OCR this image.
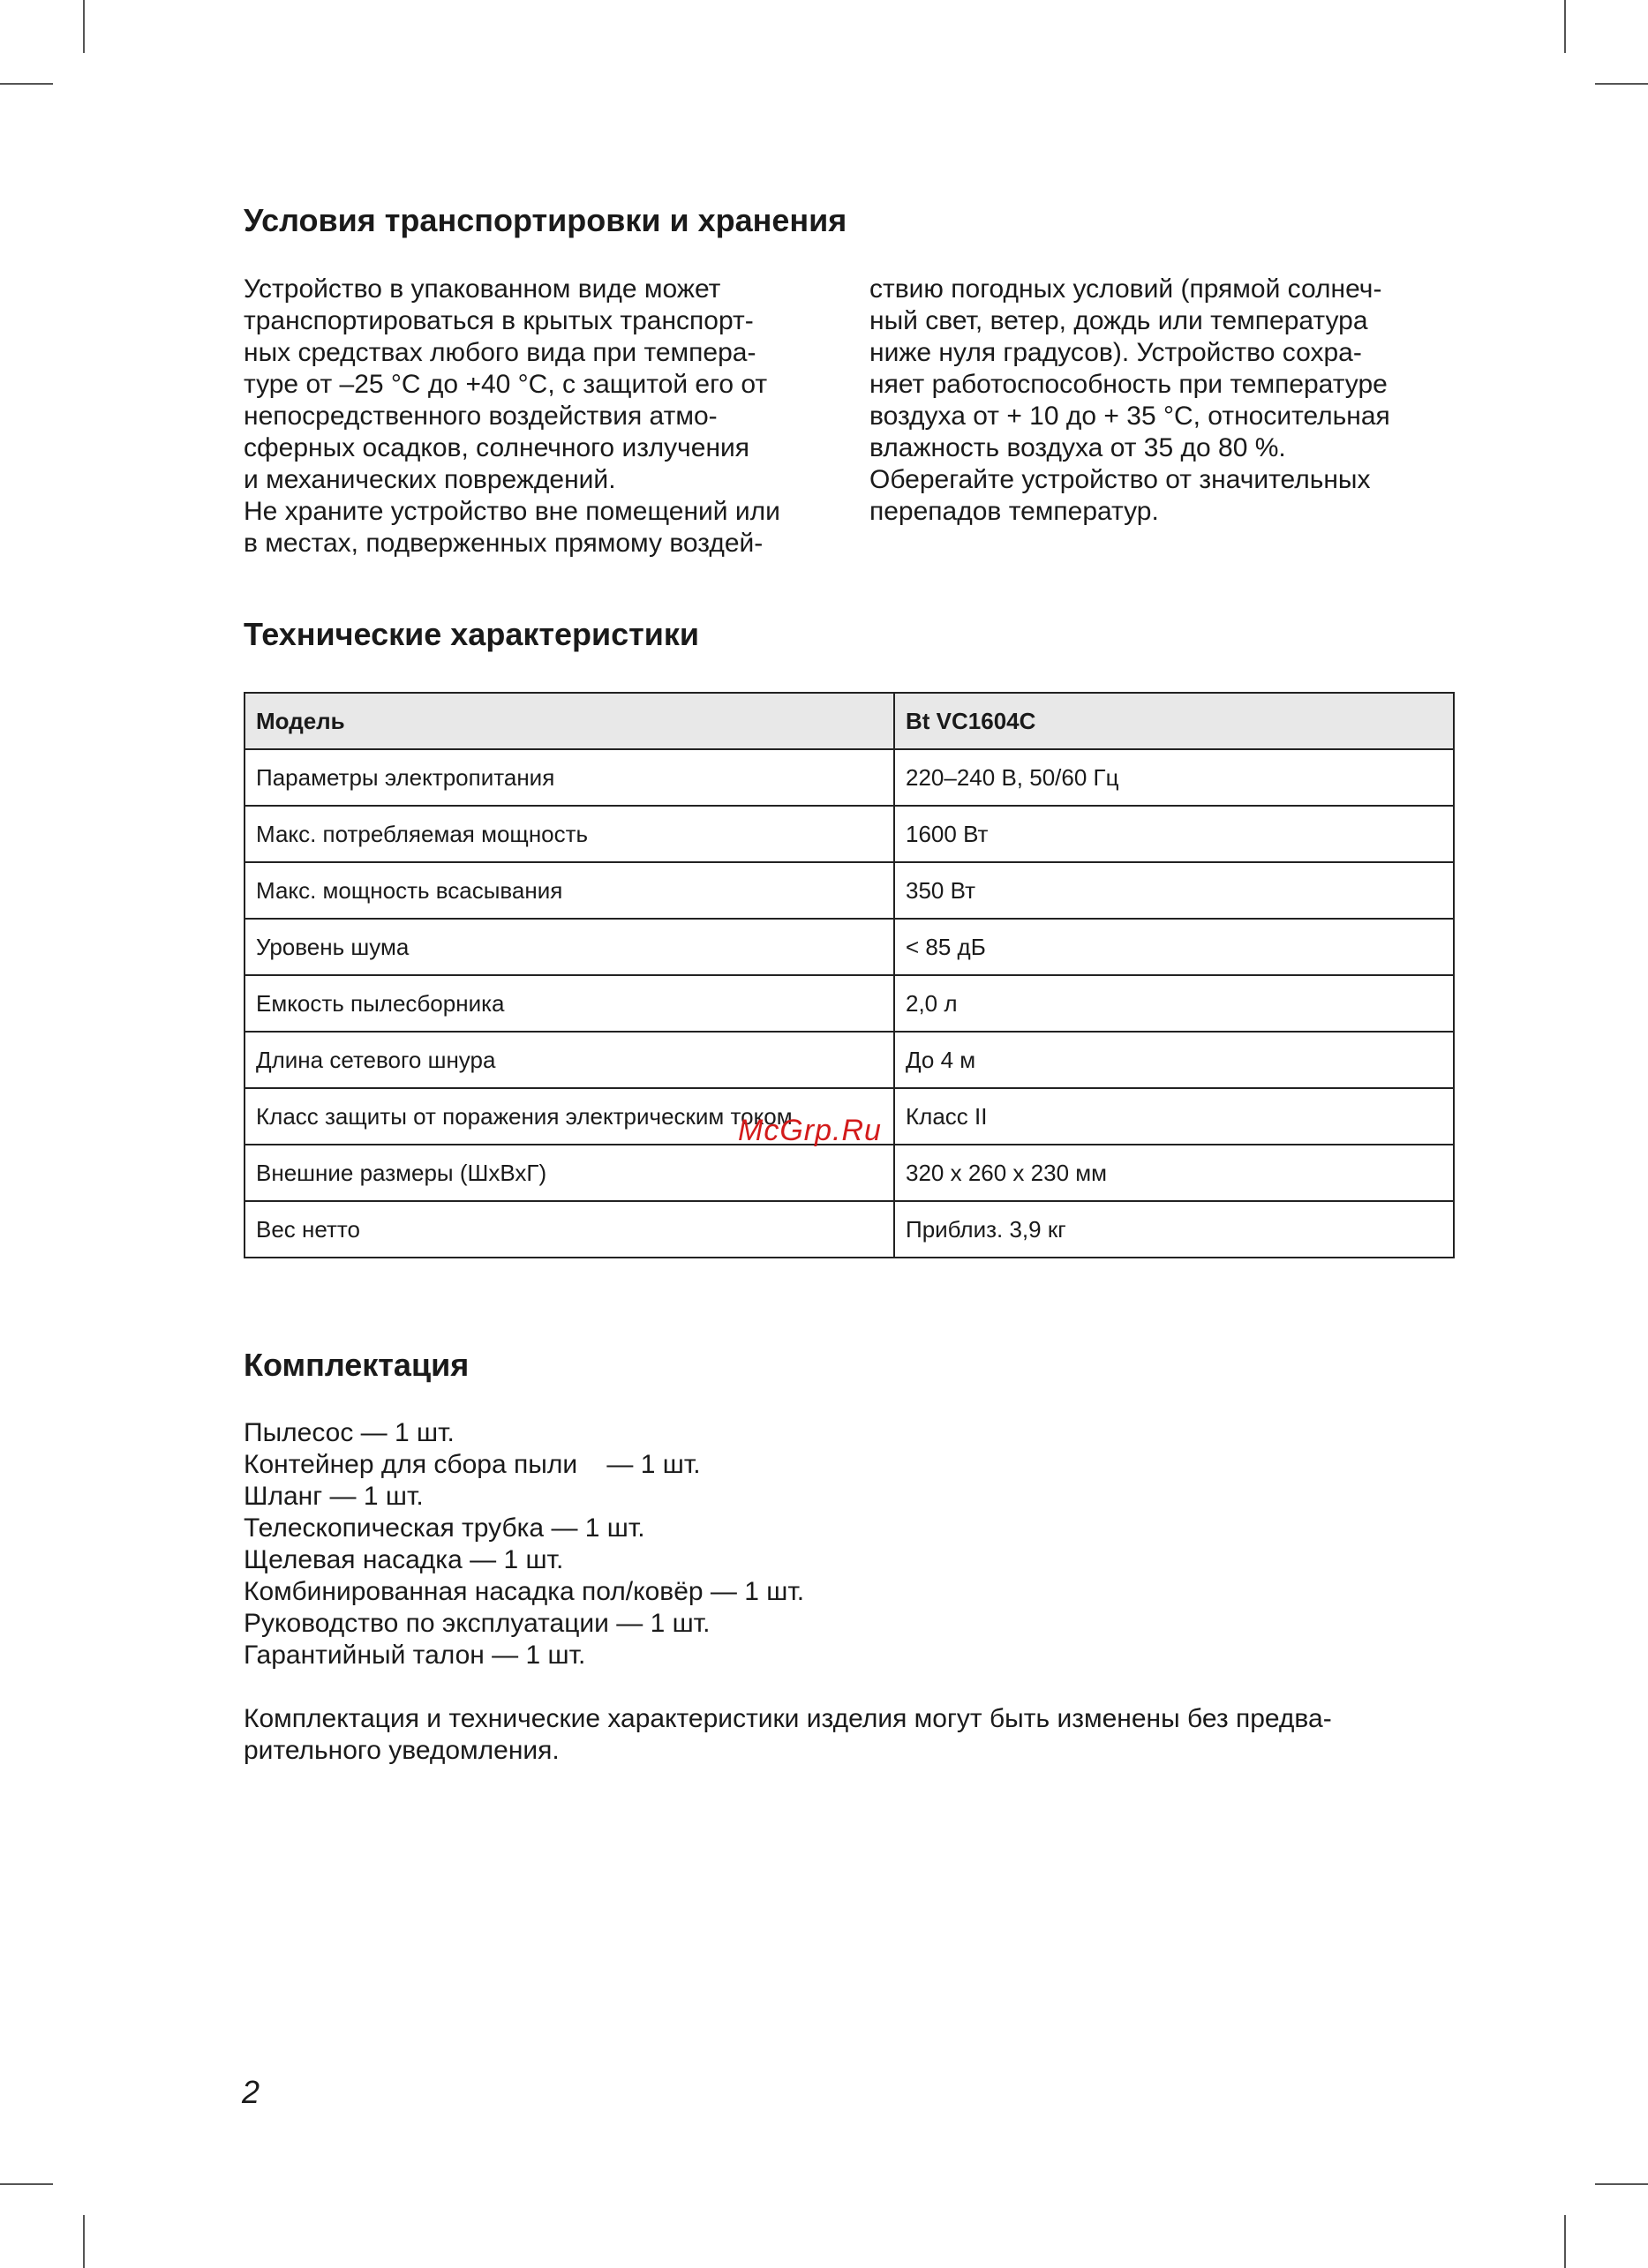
Условия транспортировки и хранения

Устройство в упакованном виде может
транспортироваться в крытых транспорт-
ных средствах любого вида при темпера-
туре от –25 °С до +40 °С, с защитой его от
непосредственного воздействия атмо-
сферных осадков, солнечного излучения
и механических повреждений.
Не храните устройство вне помещений или
в местах, подверженных прямому воздей-

ствию погодных условий (прямой солнеч-
ный свет, ветер, дождь или температура
ниже нуля градусов). Устройство сохра-
няет работоспособность при температуре
воздуха от + 10 до + 35 °С, относительная
влажность воздуха от 35 до 80 %.
Оберегайте устройство от значительных
перепадов температур.

Технические характеристики
Модель	Bt VC1604C
Параметры электропитания	220–240 В, 50/60 Гц
Макс. потребляемая мощность	1600 Вт
Макс. мощность всасывания	350 Вт
Уровень шума	< 85 дБ
Емкость пылесборника	2,0 л
Длина сетевого шнура	До 4 м
Класс защиты от поражения электрическим током	Класс II
Внешние размеры (ШхВхГ)	320 x 260 x 230 мм
Вес нетто	Приблиз. 3,9 кг
McGrp.Ru
Комплектация

Пылесос — 1 шт.
Контейнер для сбора пыли    — 1 шт.
Шланг — 1 шт.
Телескопическая трубка — 1 шт.
Щелевая насадка — 1 шт.
Комбинированная насадка пол/ковёр — 1 шт.
Руководство по эксплуатации — 1 шт.
Гарантийный талон — 1 шт.

Комплектация и технические характеристики изделия могут быть изменены без предва-
рительного уведомления.

2
